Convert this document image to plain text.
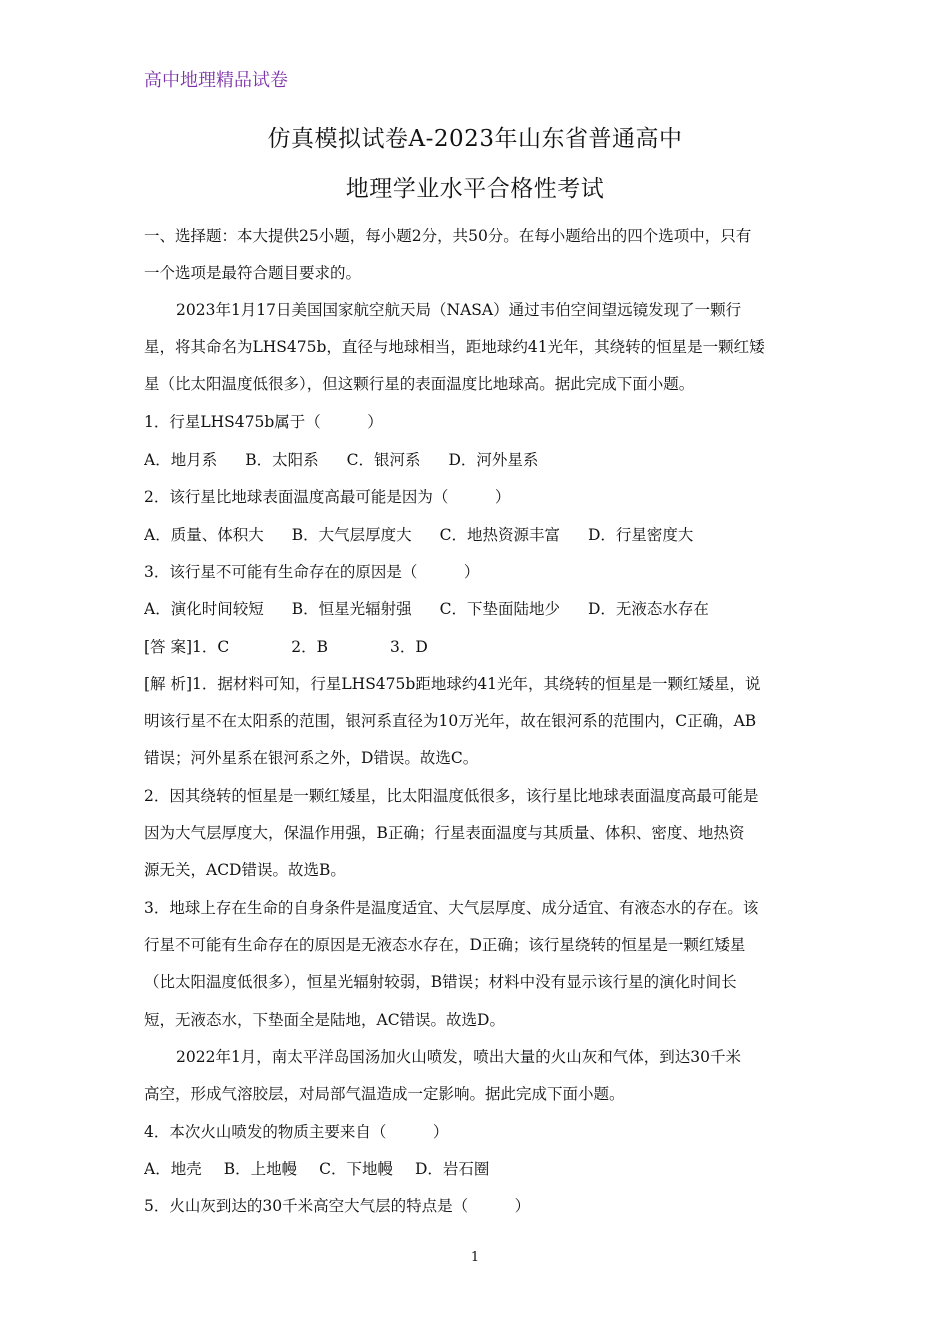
高中地理精品试卷
仿真模拟试卷A-2023年山东省普通高中
地理学业水平合格性考试
一、选择题：本大提供25小题，每小题2分，共50分。在每小题给出的四个选项中，只有
一个选项是最符合题目要求的。
2023年1月17日美国国家航空航天局（NASA）通过韦伯空间望远镜发现了一颗行
星，将其命名为LHS475b，直径与地球相当，距地球约41光年，其绕转的恒星是一颗红矮
星（比太阳温度低很多），但这颗行星的表面温度比地球高。据此完成下面小题。
1．行星LHS475b属于（　　　）
A．地月系 B．太阳系 C．银河系 D．河外星系
2．该行星比地球表面温度高最可能是因为（　　　）
A．质量、体积大 B．大气层厚度大 C．地热资源丰富 D．行星密度大
3．该行星不可能有生命存在的原因是（　　　）
A．演化时间较短 B．恒星光辐射强 C．下垫面陆地少 D．无液态水存在
[答 案]1．C　　　　2．B　　　　3．D
[解 析]1．据材料可知，行星LHS475b距地球约41光年，其绕转的恒星是一颗红矮星，说
明该行星不在太阳系的范围，银河系直径为10万光年，故在银河系的范围内，C正确，AB
错误；河外星系在银河系之外，D错误。故选C。
2．因其绕转的恒星是一颗红矮星，比太阳温度低很多，该行星比地球表面温度高最可能是
因为大气层厚度大，保温作用强，B正确；行星表面温度与其质量、体积、密度、地热资
源无关，ACD错误。故选B。
3．地球上存在生命的自身条件是温度适宜、大气层厚度、成分适宜、有液态水的存在。该
行星不可能有生命存在的原因是无液态水存在，D正确；该行星绕转的恒星是一颗红矮星
（比太阳温度低很多），恒星光辐射较弱，B错误；材料中没有显示该行星的演化时间长
短，无液态水，下垫面全是陆地，AC错误。故选D。
2022年1月，南太平洋岛国汤加火山喷发，喷出大量的火山灰和气体，到达30千米
高空，形成气溶胶层，对局部气温造成一定影响。据此完成下面小题。
4．本次火山喷发的物质主要来自（　　　）
A．地壳 B．上地幔 C．下地幔 D．岩石圈
5．火山灰到达的30千米高空大气层的特点是（　　　）
1
